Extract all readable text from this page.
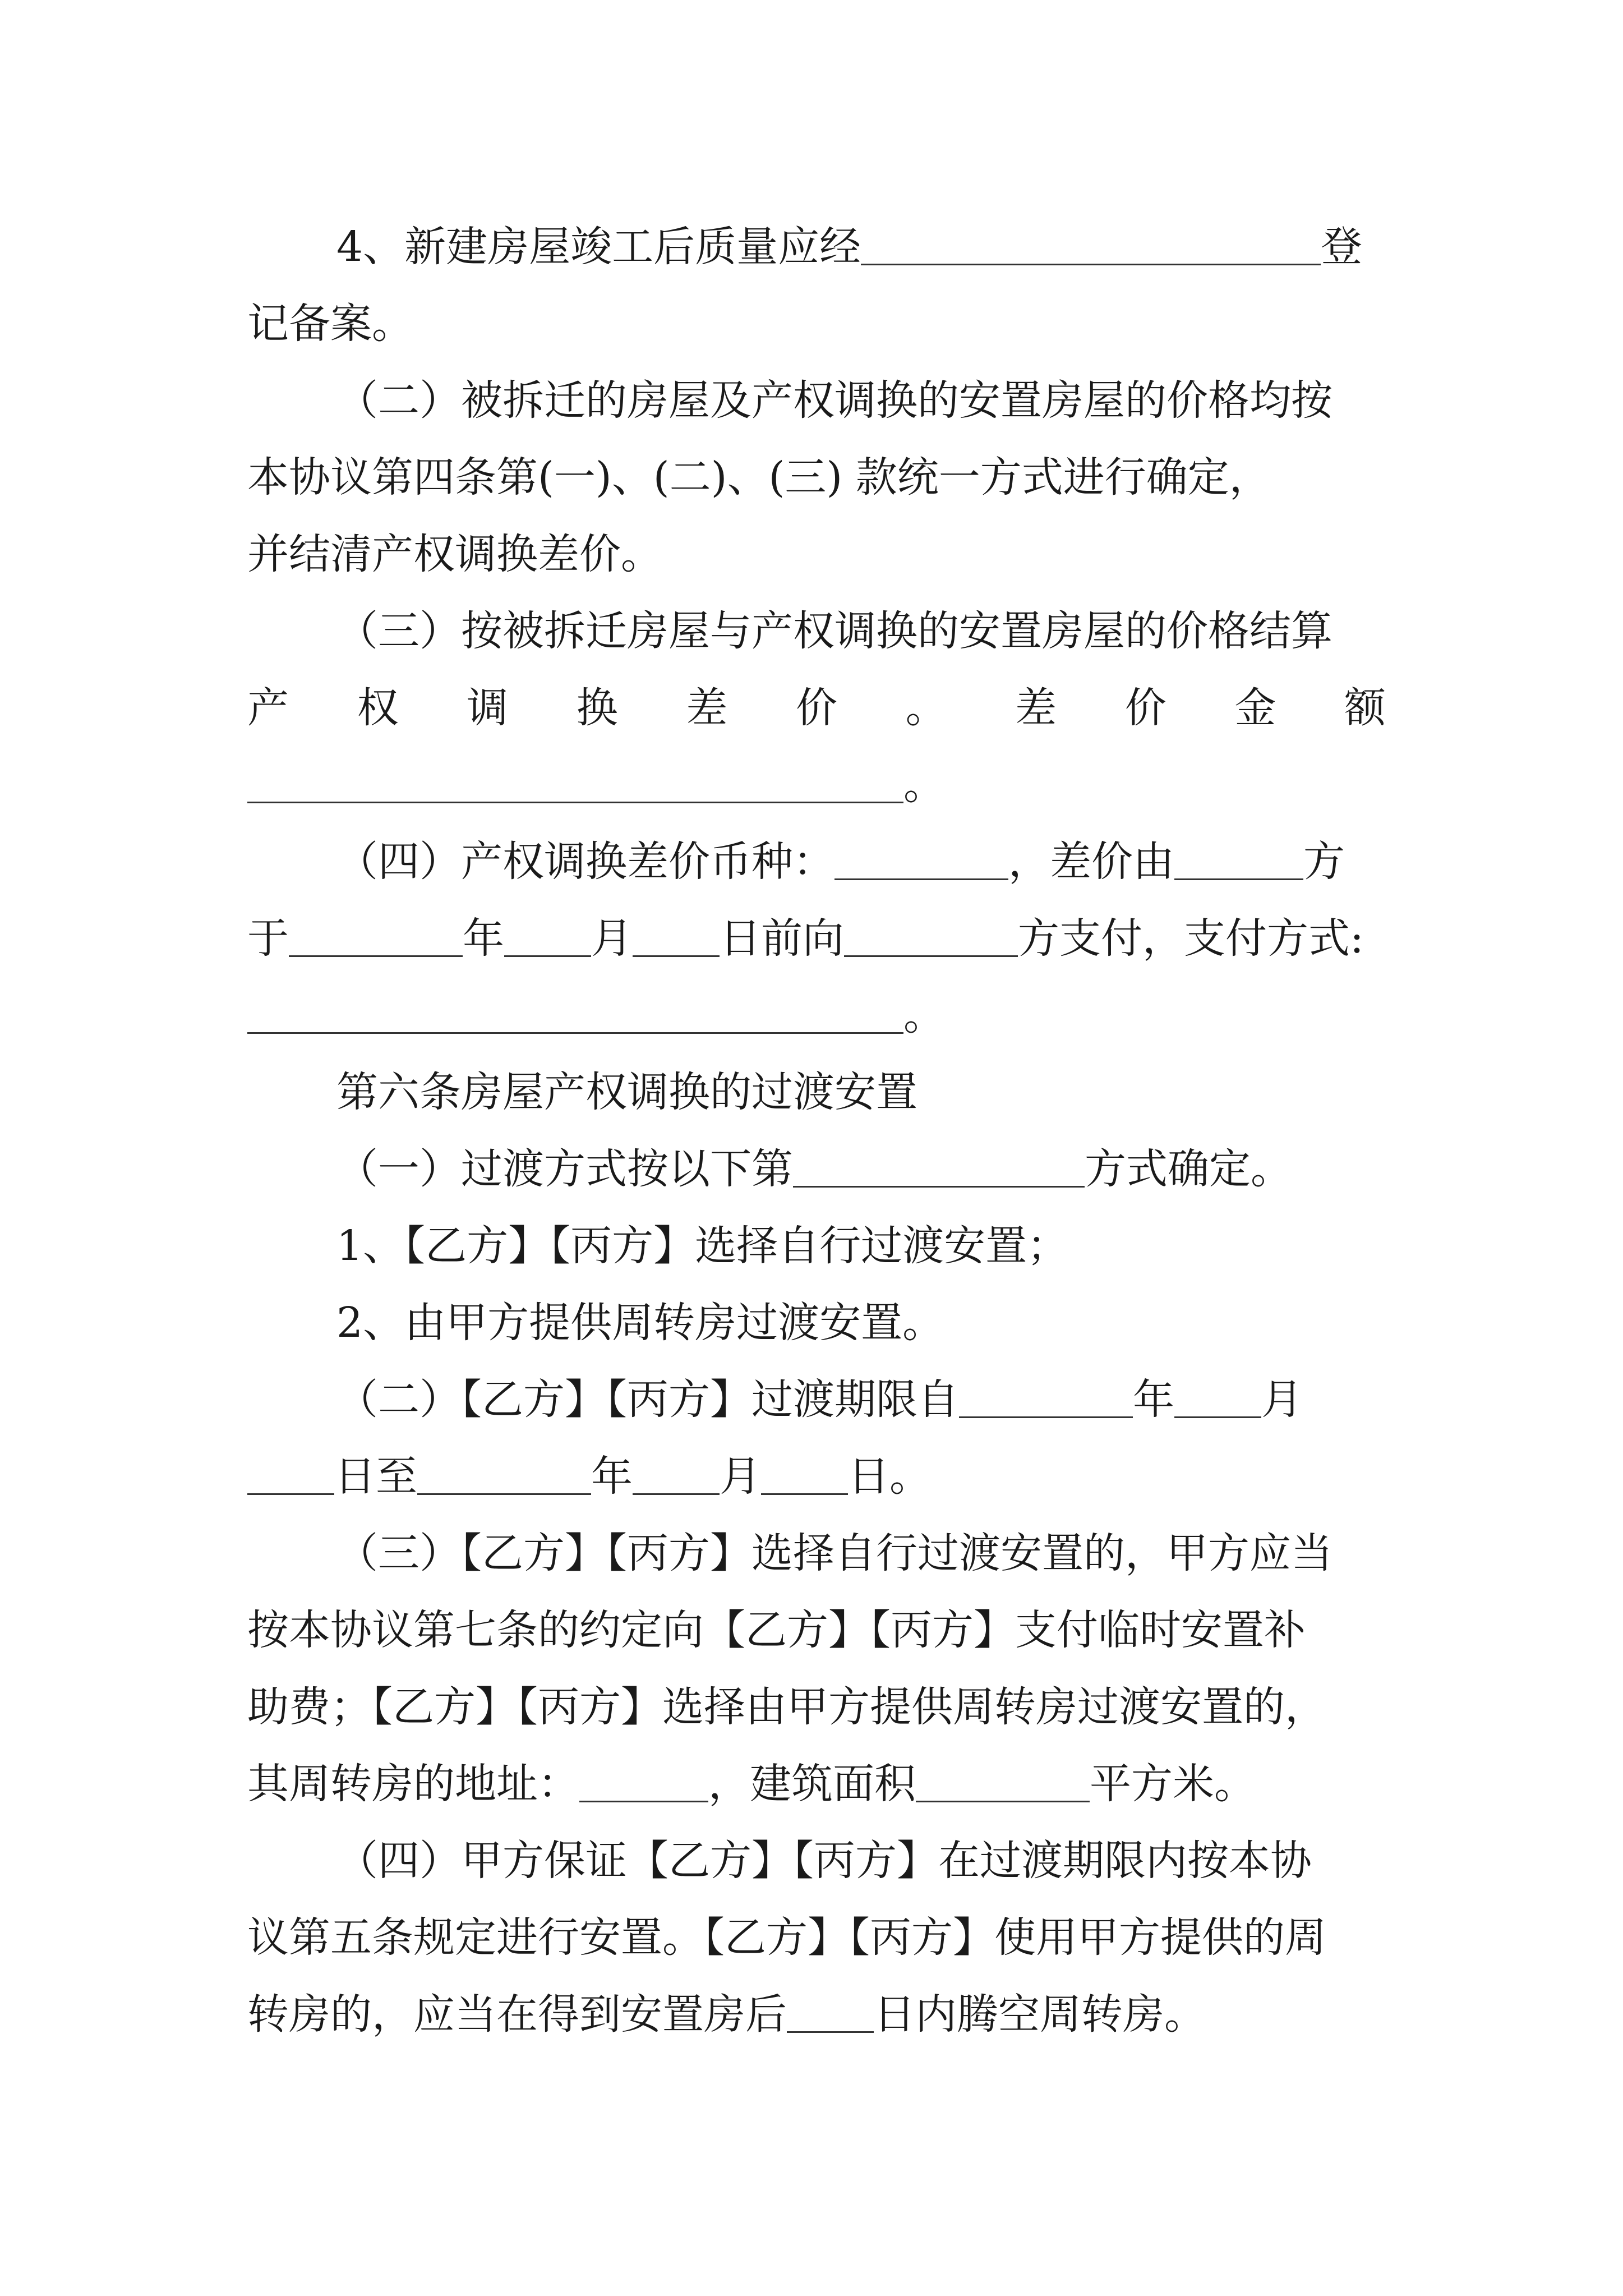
4、新建房屋竣工后质量应经	登
记备案。
（二）被拆迁的房屋及产权调换的安置房屋的价格均按
本协议第四条第(一)、(二)、(三) 款统一方式进行确定，
并结清产权调换差价。
（三）按被拆迁房屋与产权调换的安置房屋的价格结算
产 权 调 换 差 价 。 差 价 金 额
。
（四）产权调换差价币种：	，差价由	方
于	年 月 日前向	方支付，支付方式:
。
第六条房屋产权调换的过渡安置
（一）过渡方式按以下第	方式确定。
1、【乙方】【丙方】选择自行过渡安置；
2、由甲方提供周转房过渡安置。
（二）【乙方】【丙方】过渡期限自	年 月
日至	年 月 日。
（三）【乙方】【丙方】选择自行过渡安置的，甲方应当
按本协议第七条的约定向【乙方】【丙方】支付临时安置补
助费；【乙方】【丙方】选择由甲方提供周转房过渡安置的，
其周转房的地址：	，建筑面积	平方米。
（四）甲方保证【乙方】【丙方】在过渡期限内按本协
议第五条规定进行安置。【乙方】【丙方】使用甲方提供的周
转房的，应当在得到安置房后 日内腾空周转房。
